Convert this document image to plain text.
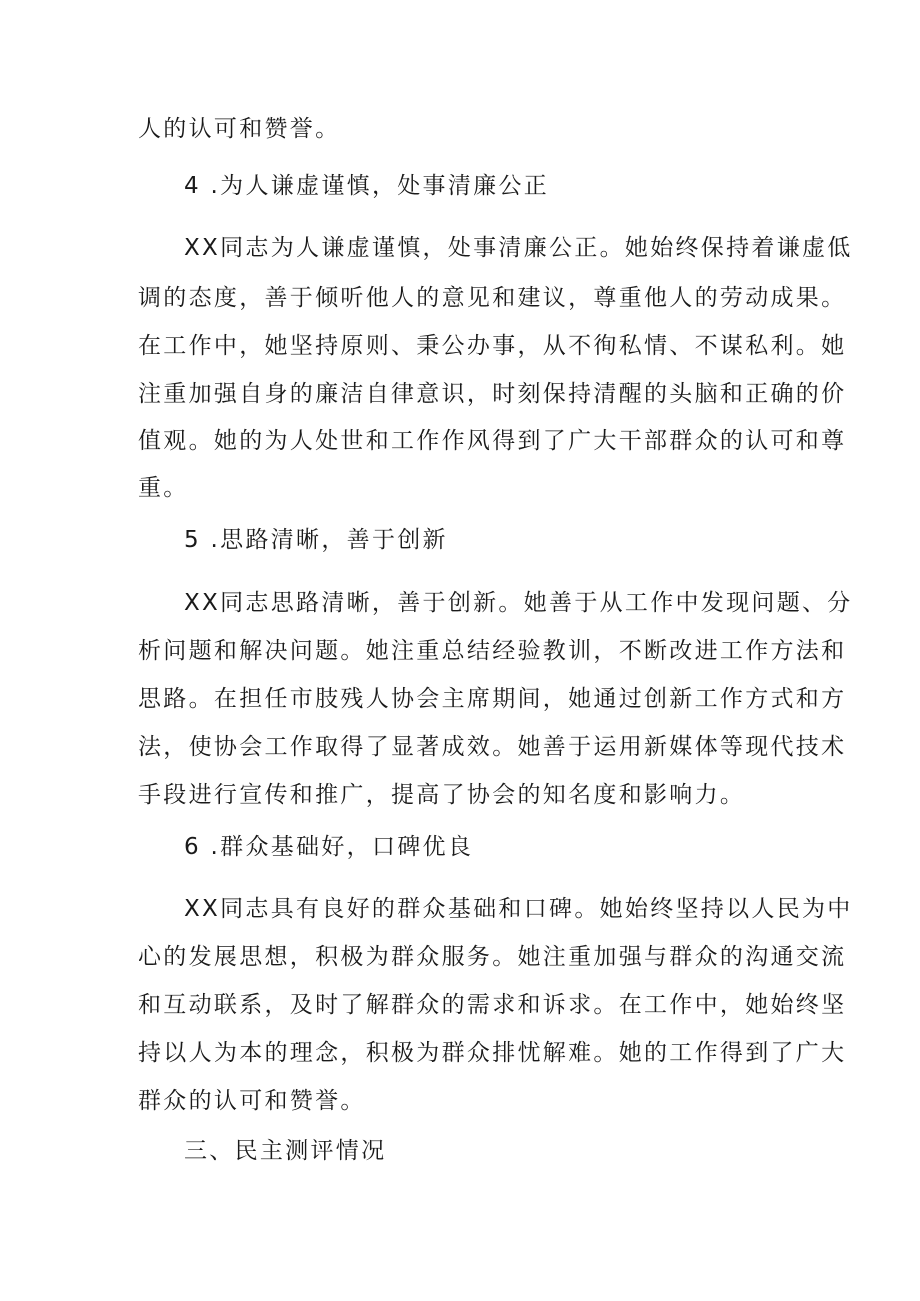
人的认可和赞誉。
4 .为人谦虚谨慎，处事清廉公正
XX同志为人谦虚谨慎，处事清廉公正。她始终保持着谦虚低
调的态度，善于倾听他人的意见和建议，尊重他人的劳动成果。
在工作中，她坚持原则、秉公办事，从不徇私情、不谋私利。她
注重加强自身的廉洁自律意识，时刻保持清醒的头脑和正确的价
值观。她的为人处世和工作作风得到了广大干部群众的认可和尊
重。
5 .思路清晰，善于创新
XX同志思路清晰，善于创新。她善于从工作中发现问题、分
析问题和解决问题。她注重总结经验教训，不断改进工作方法和
思路。在担任市肢残人协会主席期间，她通过创新工作方式和方
法，使协会工作取得了显著成效。她善于运用新媒体等现代技术
手段进行宣传和推广，提高了协会的知名度和影响力。
6 .群众基础好，口碑优良
XX同志具有良好的群众基础和口碑。她始终坚持以人民为中
心的发展思想，积极为群众服务。她注重加强与群众的沟通交流
和互动联系，及时了解群众的需求和诉求。在工作中，她始终坚
持以人为本的理念，积极为群众排忧解难。她的工作得到了广大
群众的认可和赞誉。
三、民主测评情况
